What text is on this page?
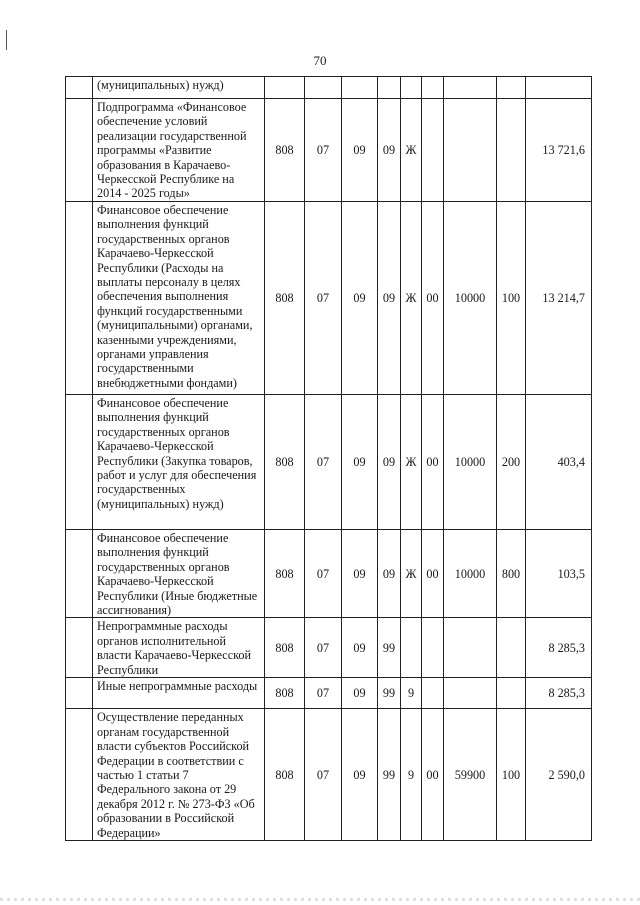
70
	(муниципальных) нужд)									
	Подпрограмма «Финансовое обеспечение условий реализации государственной программы «Развитие образования в Карачаево-Черкесской Республике на 2014 - 2025 годы»	808	07	09	09	Ж				13 721,6
	Финансовое обеспечение выполнения функций государственных органов Карачаево-Черкесской Республики (Расходы на выплаты персоналу в целях обеспечения выполнения функций государственными (муниципальными) органами, казенными учреждениями, органами управления государственными внебюджетными фондами)	808	07	09	09	Ж	00	10000	100	13 214,7
	Финансовое обеспечение выполнения функций государственных органов Карачаево-Черкесской Республики (Закупка товаров, работ и услуг для обеспечения государственных (муниципальных) нужд)	808	07	09	09	Ж	00	10000	200	403,4
	Финансовое обеспечение выполнения функций государственных органов Карачаево-Черкесской Республики (Иные бюджетные ассигнования)	808	07	09	09	Ж	00	10000	800	103,5
	Непрограммные расходы органов исполнительной власти Карачаево-Черкесской Республики	808	07	09	99					8 285,3
	Иные непрограммные расходы	808	07	09	99	9				8 285,3
	Осуществление переданных органам государственной власти субъектов Российской Федерации в соответствии с частью 1 статьи 7 Федерального закона от 29 декабря 2012 г. № 273-ФЗ «Об образовании в Российской Федерации»	808	07	09	99	9	00	59900	100	2 590,0
